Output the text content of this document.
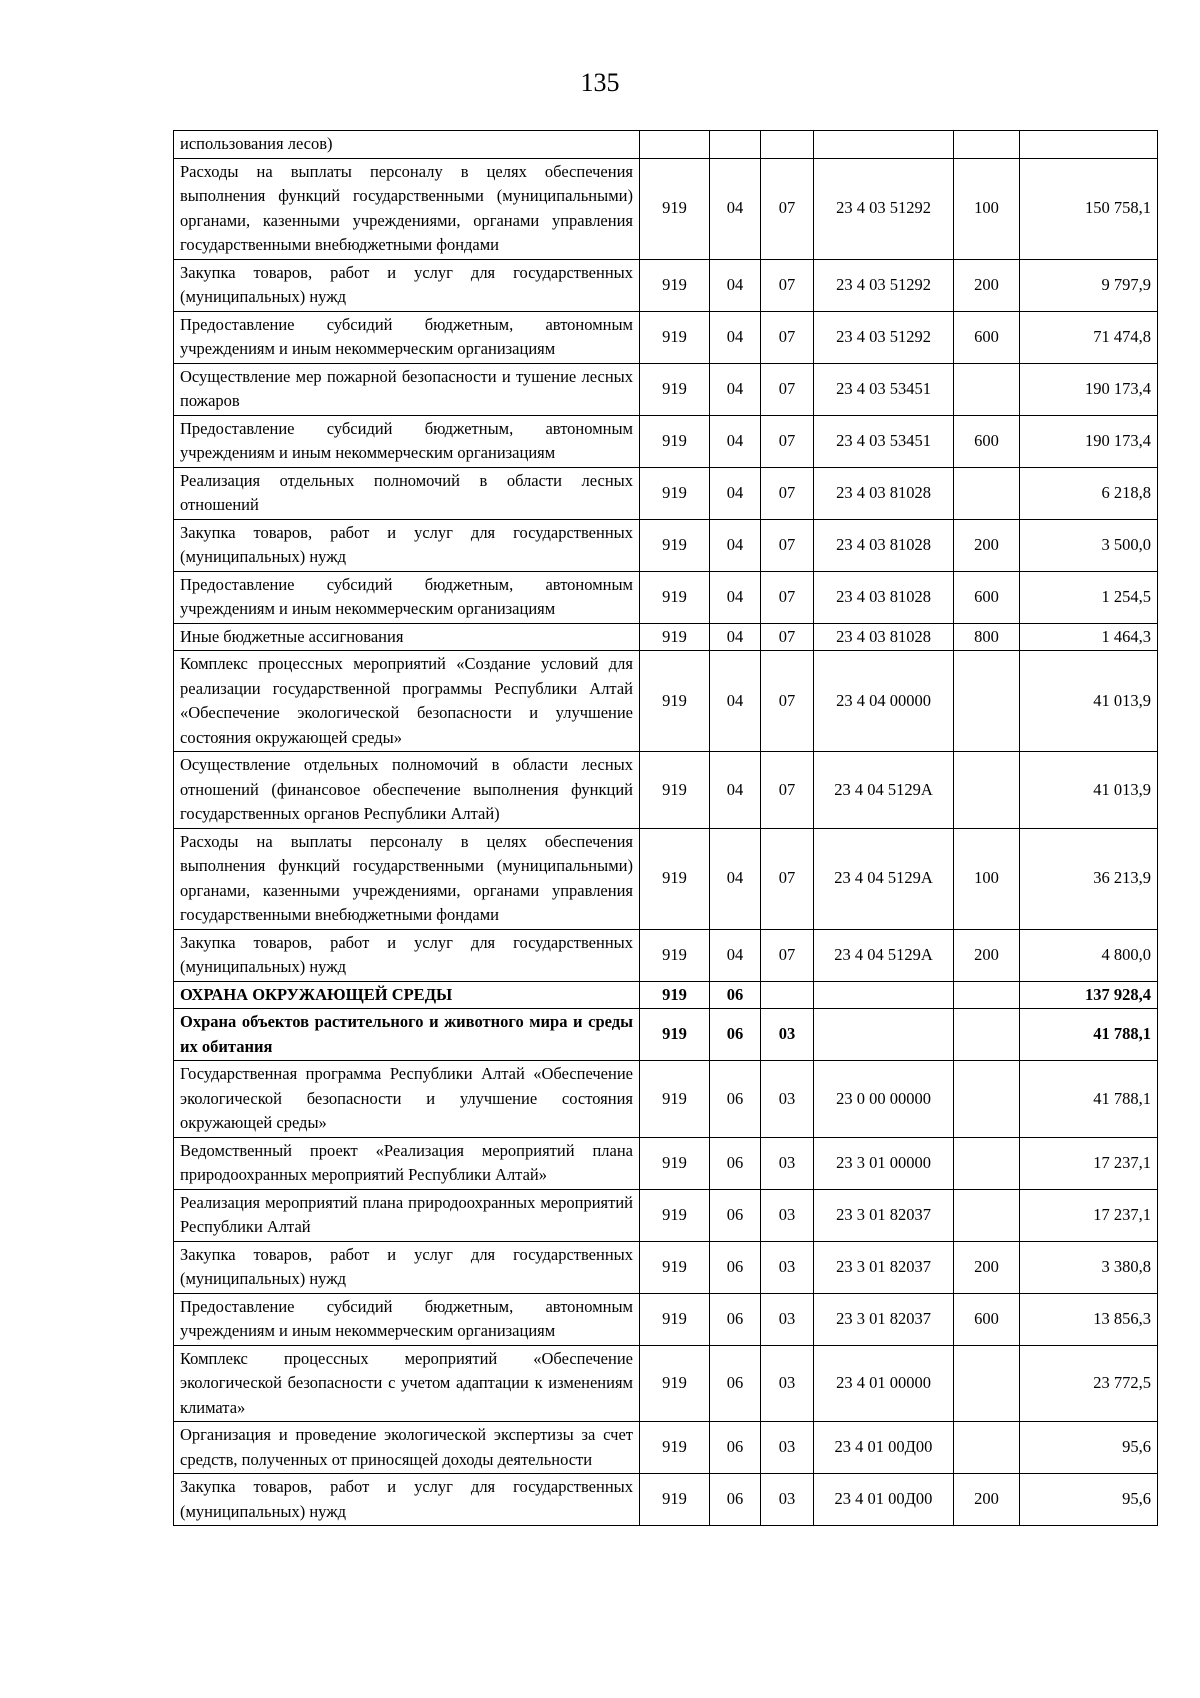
135
использования лесов)						
Расходы на выплаты персоналу в целях обеспечения выполнения функций государственными (муниципальными) органами, казенными учреждениями, органами управления государственными внебюджетными фондами	919	04	07	23 4 03 51292	100	150 758,1
Закупка товаров, работ и услуг для государственных (муниципальных) нужд	919	04	07	23 4 03 51292	200	9 797,9
Предоставление субсидий бюджетным, автономным учреждениям и иным некоммерческим организациям	919	04	07	23 4 03 51292	600	71 474,8
Осуществление мер пожарной безопасности и тушение лесных пожаров	919	04	07	23 4 03 53451		190 173,4
Предоставление субсидий бюджетным, автономным учреждениям и иным некоммерческим организациям	919	04	07	23 4 03 53451	600	190 173,4
Реализация отдельных полномочий в области лесных отношений	919	04	07	23 4 03 81028		6 218,8
Закупка товаров, работ и услуг для государственных (муниципальных) нужд	919	04	07	23 4 03 81028	200	3 500,0
Предоставление субсидий бюджетным, автономным учреждениям и иным некоммерческим организациям	919	04	07	23 4 03 81028	600	1 254,5
Иные бюджетные ассигнования	919	04	07	23 4 03 81028	800	1 464,3
Комплекс процессных мероприятий «Создание условий для реализации государственной программы Республики Алтай «Обеспечение экологической безопасности и улучшение состояния окружающей среды»	919	04	07	23 4 04 00000		41 013,9
Осуществление отдельных полномочий в области лесных отношений (финансовое обеспечение выполнения функций государственных органов Республики Алтай)	919	04	07	23 4 04 5129А		41 013,9
Расходы на выплаты персоналу в целях обеспечения выполнения функций государственными (муниципальными) органами, казенными учреждениями, органами управления государственными внебюджетными фондами	919	04	07	23 4 04 5129А	100	36 213,9
Закупка товаров, работ и услуг для государственных (муниципальных) нужд	919	04	07	23 4 04 5129А	200	4 800,0
ОХРАНА ОКРУЖАЮЩЕЙ СРЕДЫ	919	06				137 928,4
Охрана объектов растительного и животного мира и среды их обитания	919	06	03			41 788,1
Государственная программа Республики Алтай «Обеспечение экологической безопасности и улучшение состояния окружающей среды»	919	06	03	23 0 00 00000		41 788,1
Ведомственный проект «Реализация мероприятий плана природоохранных мероприятий Республики Алтай»	919	06	03	23 3 01 00000		17 237,1
Реализация мероприятий плана природоохранных мероприятий Республики Алтай	919	06	03	23 3 01 82037		17 237,1
Закупка товаров, работ и услуг для государственных (муниципальных) нужд	919	06	03	23 3 01 82037	200	3 380,8
Предоставление субсидий бюджетным, автономным учреждениям и иным некоммерческим организациям	919	06	03	23 3 01 82037	600	13 856,3
Комплекс процессных мероприятий «Обеспечение экологической безопасности с учетом адаптации к изменениям климата»	919	06	03	23 4 01 00000		23 772,5
Организация и проведение экологической экспертизы за счет средств, полученных от приносящей доходы деятельности	919	06	03	23 4 01 00Д00		95,6
Закупка товаров, работ и услуг для государственных (муниципальных) нужд	919	06	03	23 4 01 00Д00	200	95,6
